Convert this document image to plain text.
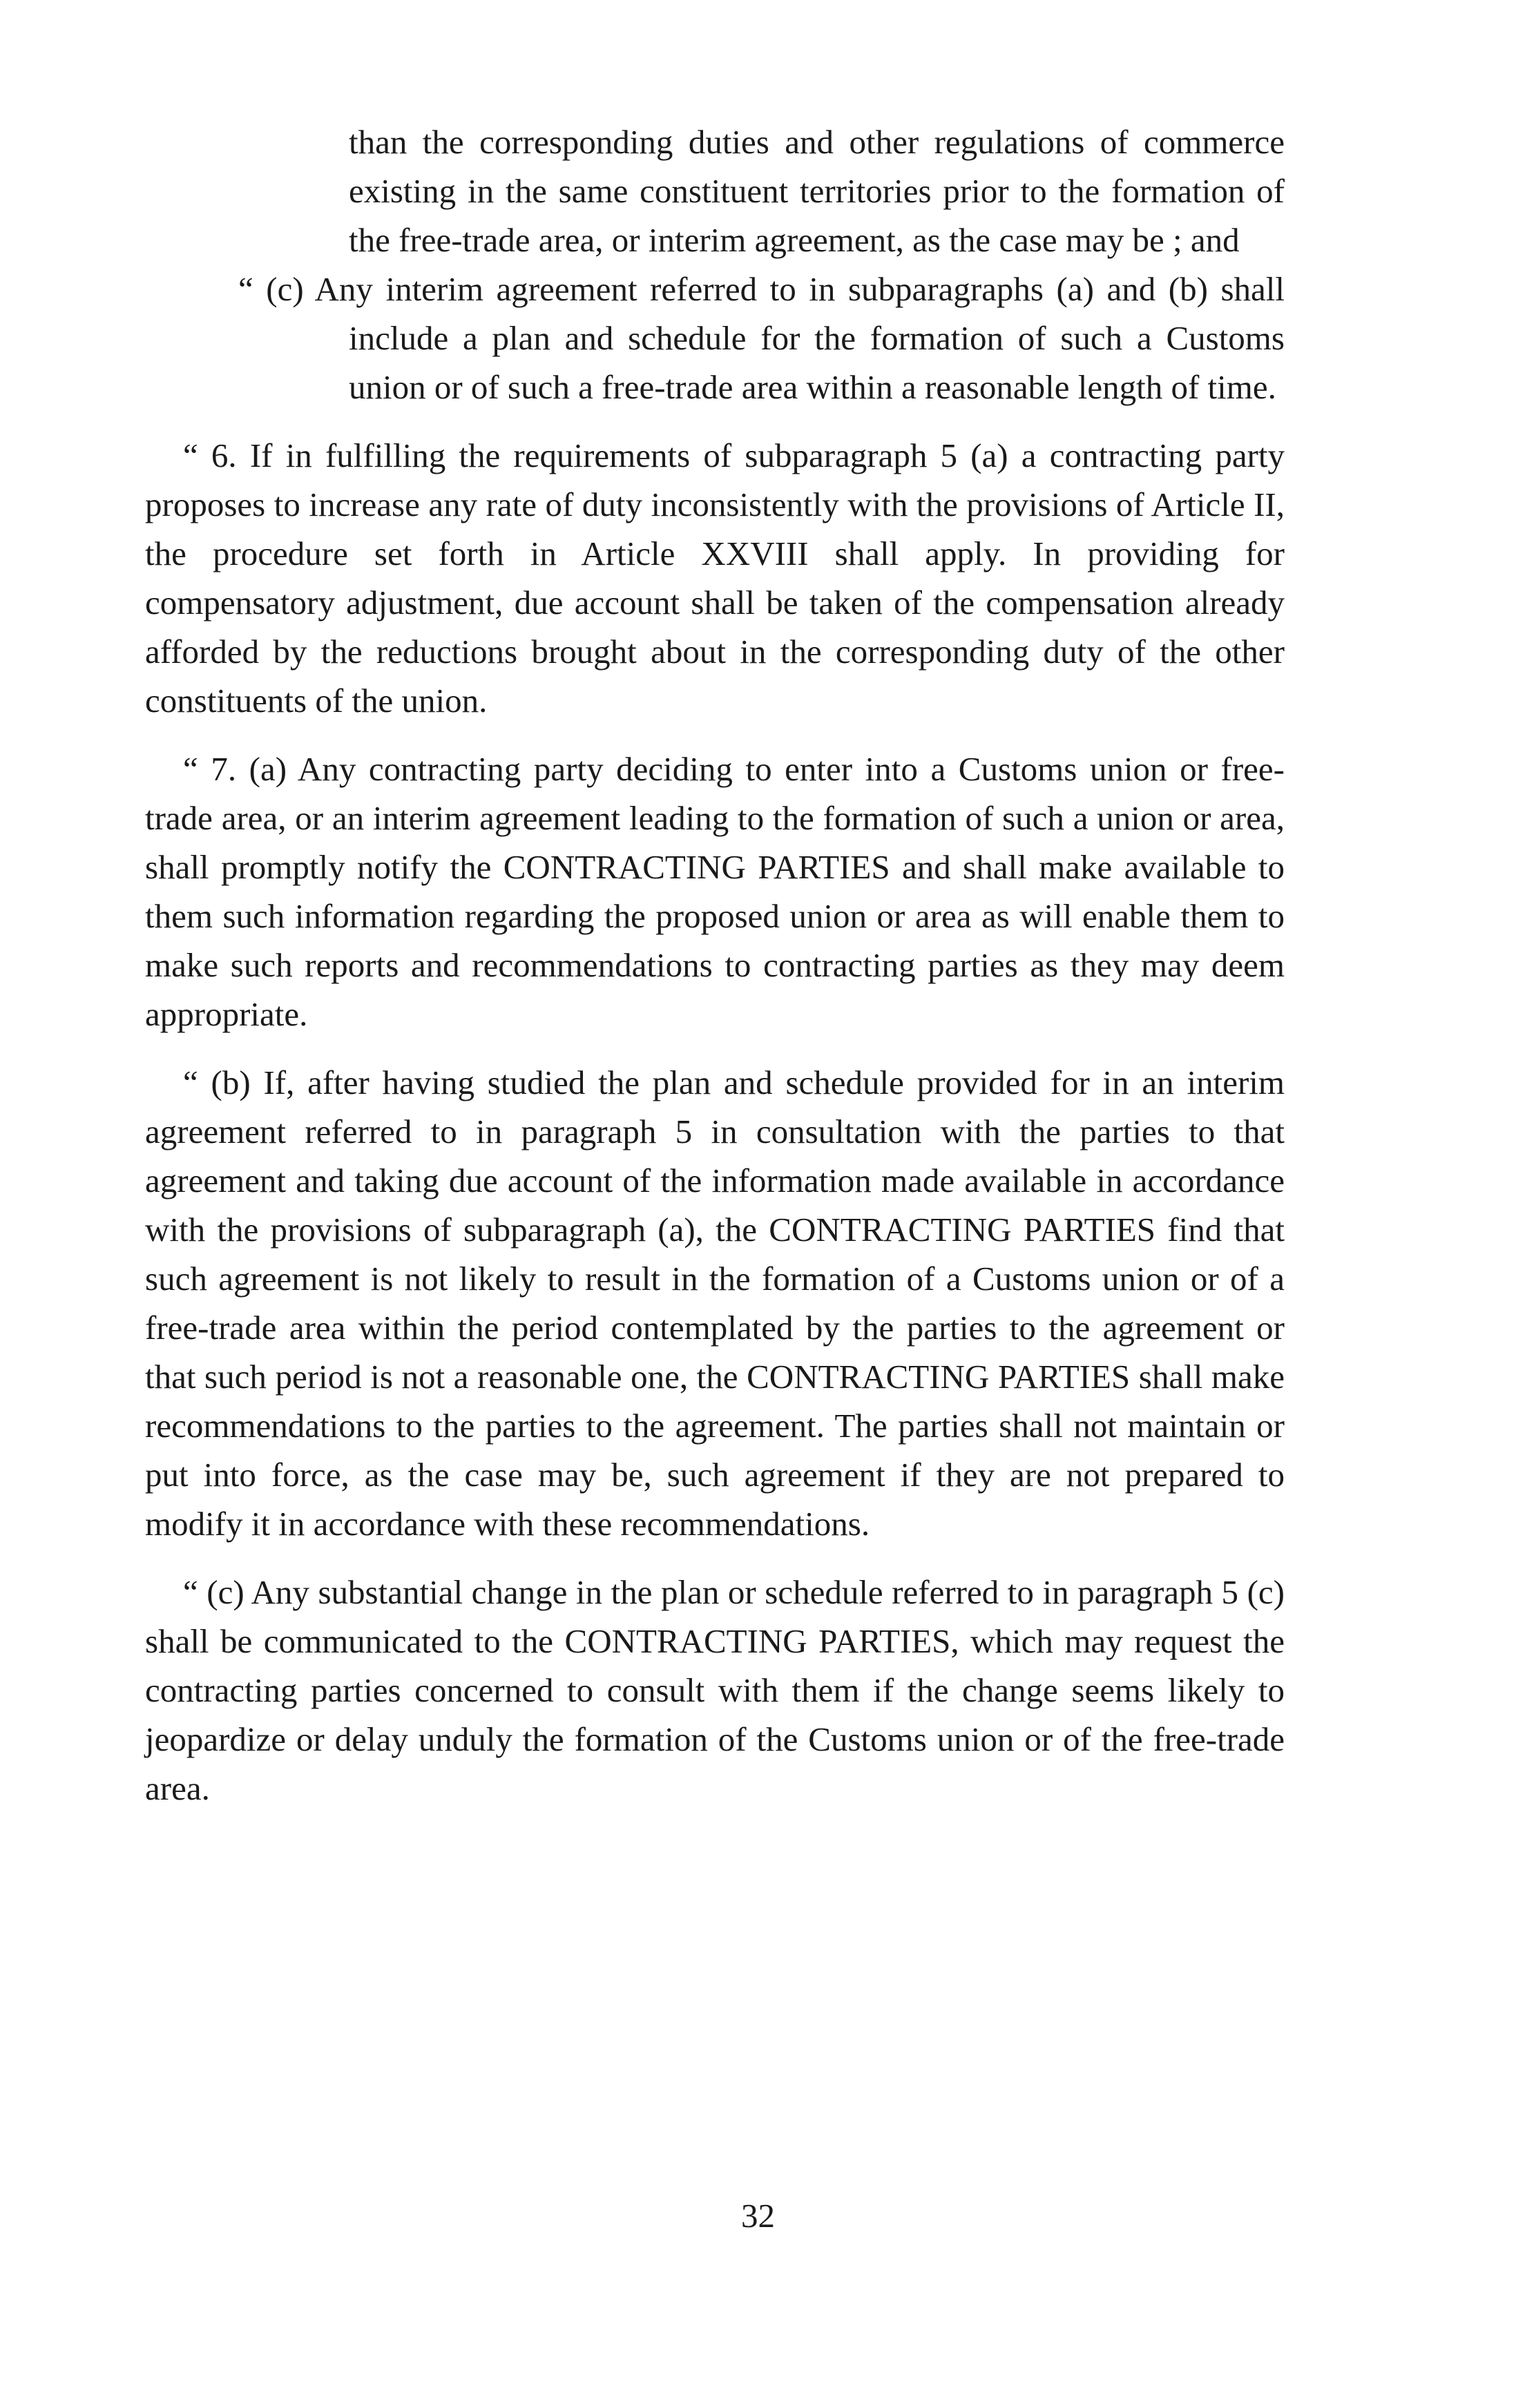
than the corresponding duties and other regulations of commerce existing in the same constituent territories prior to the formation of the free-trade area, or interim agreement, as the case may be ; and

“ (c) Any interim agreement referred to in subparagraphs (a) and (b) shall include a plan and schedule for the formation of such a Customs union or of such a free-trade area within a reasonable length of time.

“ 6. If in fulfilling the requirements of subparagraph 5 (a) a contracting party proposes to increase any rate of duty inconsistently with the provisions of Article II, the procedure set forth in Article XXVIII shall apply. In providing for compensatory adjustment, due account shall be taken of the compensation already afforded by the reductions brought about in the corresponding duty of the other constituents of the union.

“ 7. (a) Any contracting party deciding to enter into a Customs union or free-trade area, or an interim agreement leading to the formation of such a union or area, shall promptly notify the CONTRACTING PARTIES and shall make available to them such information regarding the proposed union or area as will enable them to make such reports and recommendations to contracting parties as they may deem appropriate.

“ (b) If, after having studied the plan and schedule provided for in an interim agreement referred to in paragraph 5 in consultation with the parties to that agreement and taking due account of the information made available in accordance with the provisions of subparagraph (a), the CONTRACTING PARTIES find that such agreement is not likely to result in the formation of a Customs union or of a free-trade area within the period contemplated by the parties to the agreement or that such period is not a reasonable one, the CONTRACTING PARTIES shall make recommendations to the parties to the agreement. The parties shall not maintain or put into force, as the case may be, such agreement if they are not prepared to modify it in accordance with these recommendations.

“ (c) Any substantial change in the plan or schedule referred to in paragraph 5 (c) shall be communicated to the CONTRACTING PARTIES, which may request the contracting parties concerned to consult with them if the change seems likely to jeopardize or delay unduly the formation of the Customs union or of the free-trade area.

32
